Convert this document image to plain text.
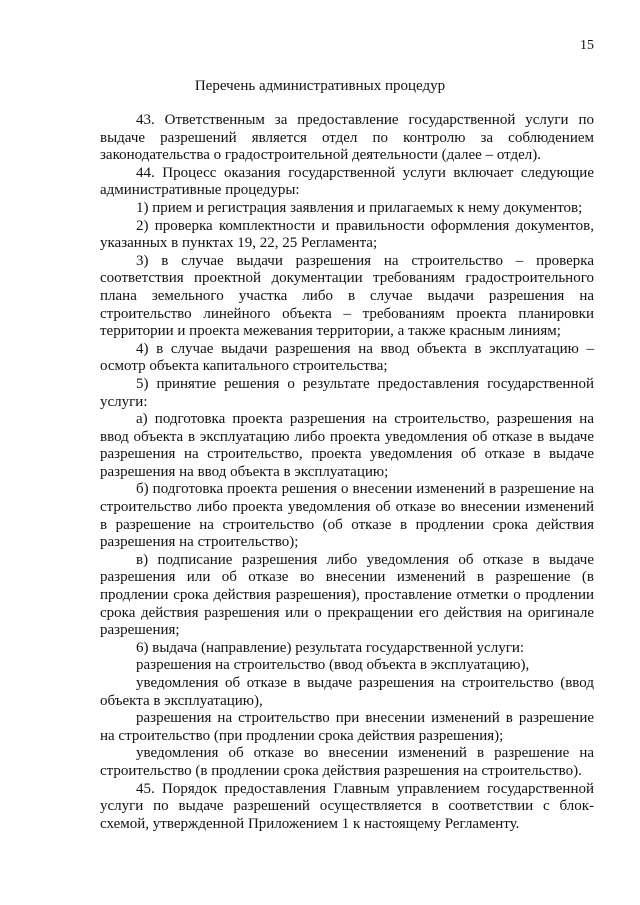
15
Перечень административных процедур

43. Ответственным за предоставление государственной услуги по выдаче разрешений является отдел по контролю за соблюдением законодательства о градостроительной деятельности (далее – отдел).

44. Процесс оказания государственной услуги включает следующие административные процедуры:

1) прием и регистрация заявления и прилагаемых к нему документов;

2) проверка комплектности и правильности оформления документов, указанных в пунктах 19, 22, 25 Регламента;

3) в случае выдачи разрешения на строительство – проверка соответствия проектной документации требованиям градостроительного плана земельного участка либо в случае выдачи разрешения на строительство линейного объекта – требованиям проекта планировки территории и проекта межевания территории, а также красным линиям;

4) в случае выдачи разрешения на ввод объекта в эксплуатацию – осмотр объекта капитального строительства;

5) принятие решения о результате предоставления государственной услуги:

а) подготовка проекта разрешения на строительство, разрешения на ввод объекта в эксплуатацию либо проекта уведомления об отказе в выдаче разрешения на строительство, проекта уведомления об отказе в выдаче разрешения на ввод объекта в эксплуатацию;

б) подготовка проекта решения о внесении изменений в разрешение на строительство либо проекта уведомления об отказе во внесении изменений в разрешение на строительство (об отказе в продлении срока действия разрешения на строительство);

в) подписание разрешения либо уведомления об отказе в выдаче разрешения или об отказе во внесении изменений в разрешение (в продлении срока действия разрешения), проставление отметки о продлении срока действия разрешения или о прекращении его действия на оригинале разрешения;

6) выдача (направление) результата государственной услуги:

разрешения на строительство (ввод объекта в эксплуатацию),

уведомления об отказе в выдаче разрешения на строительство (ввод объекта в эксплуатацию),

разрешения на строительство при внесении изменений в разрешение на строительство (при продлении срока действия разрешения);

уведомления об отказе во внесении изменений в разрешение на строительство (в продлении срока действия разрешения на строительство).

45. Порядок предоставления Главным управлением государственной услуги по выдаче разрешений осуществляется в соответствии с блок-схемой, утвержденной Приложением 1 к настоящему Регламенту.
